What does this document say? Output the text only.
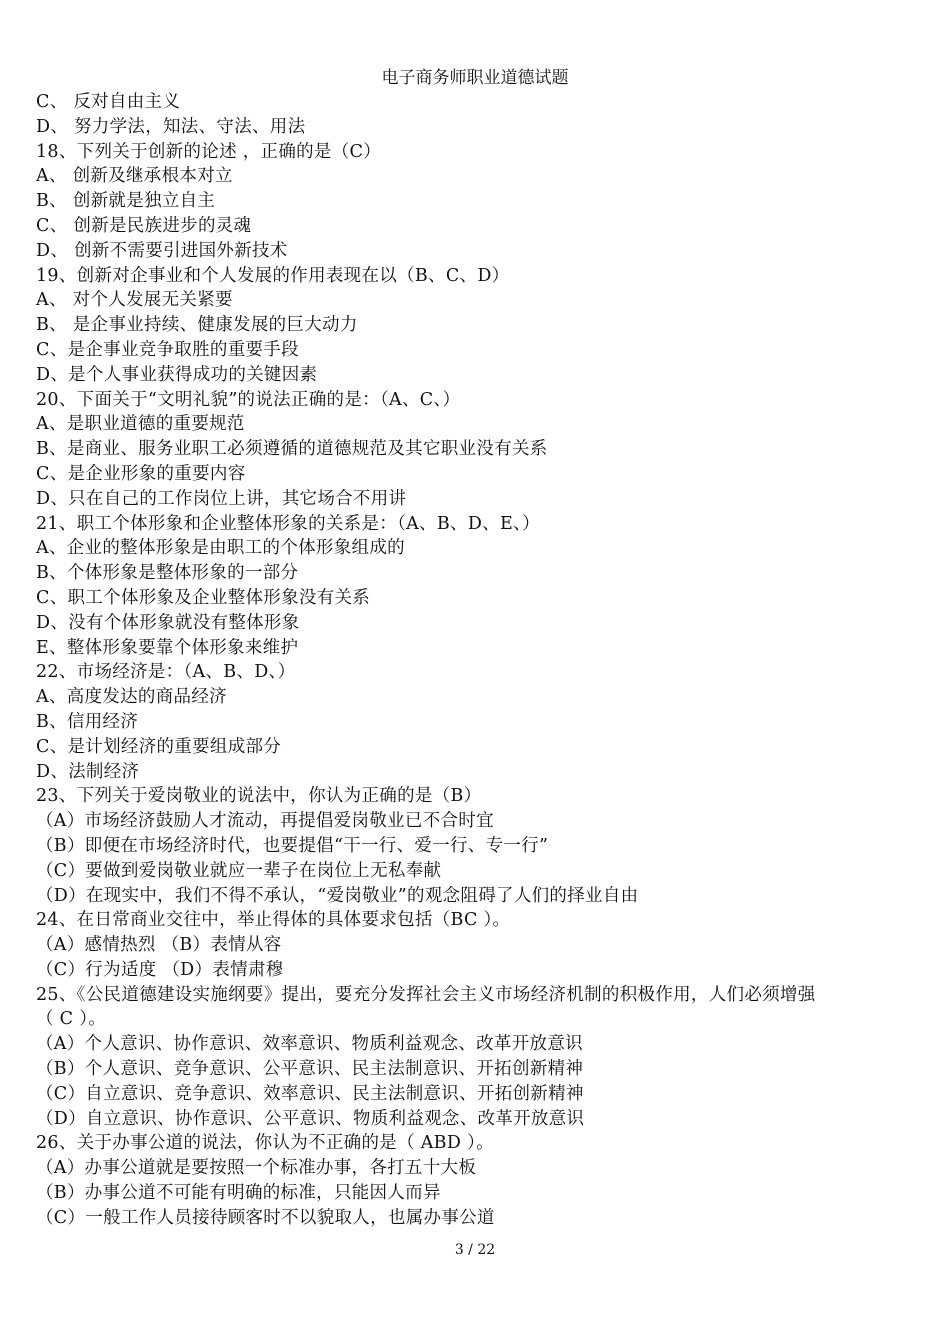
电子商务师职业道德试题
C、 反对自由主义
D、 努力学法，知法、守法、用法
18、下列关于创新的论述 ，正确的是（C）
A、 创新及继承根本对立
B、 创新就是独立自主
C、 创新是民族进步的灵魂
D、 创新不需要引进国外新技术
19、创新对企事业和个人发展的作用表现在以（B、C、D）
A、 对个人发展无关紧要
B、 是企事业持续、健康发展的巨大动力
C、是企事业竞争取胜的重要手段
D、是个人事业获得成功的关键因素
20、下面关于“文明礼貌”的说法正确的是：（A、C、）
A、是职业道德的重要规范
B、是商业、服务业职工必须遵循的道德规范及其它职业没有关系
C、是企业形象的重要内容
D、只在自己的工作岗位上讲，其它场合不用讲
21、职工个体形象和企业整体形象的关系是：（A、B、D、E、）
A、企业的整体形象是由职工的个体形象组成的
B、个体形象是整体形象的一部分
C、职工个体形象及企业整体形象没有关系
D、没有个体形象就没有整体形象
E、整体形象要靠个体形象来维护
22、市场经济是：（A、B、D、）
A、高度发达的商品经济
B、信用经济
C、是计划经济的重要组成部分
D、法制经济
23、下列关于爱岗敬业的说法中，你认为正确的是（B）
（A）市场经济鼓励人才流动，再提倡爱岗敬业已不合时宜
（B）即便在市场经济时代，也要提倡“干一行、爱一行、专一行”
（C）要做到爱岗敬业就应一辈子在岗位上无私奉献
（D）在现实中，我们不得不承认，“爱岗敬业”的观念阻碍了人们的择业自由
24、在日常商业交往中，举止得体的具体要求包括（BC ）。
（A）感情热烈 （B）表情从容
（C）行为适度 （D）表情肃穆
25、《公民道德建设实施纲要》提出，要充分发挥社会主义市场经济机制的积极作用，人们必须增强
（ C ）。
（A）个人意识、协作意识、效率意识、物质利益观念、改革开放意识
（B）个人意识、竞争意识、公平意识、民主法制意识、开拓创新精神
（C）自立意识、竞争意识、效率意识、民主法制意识、开拓创新精神
（D）自立意识、协作意识、公平意识、物质利益观念、改革开放意识
26、关于办事公道的说法，你认为不正确的是（ ABD ）。
（A）办事公道就是要按照一个标准办事，各打五十大板
（B）办事公道不可能有明确的标准，只能因人而异
（C）一般工作人员接待顾客时不以貌取人，也属办事公道
3 / 22
